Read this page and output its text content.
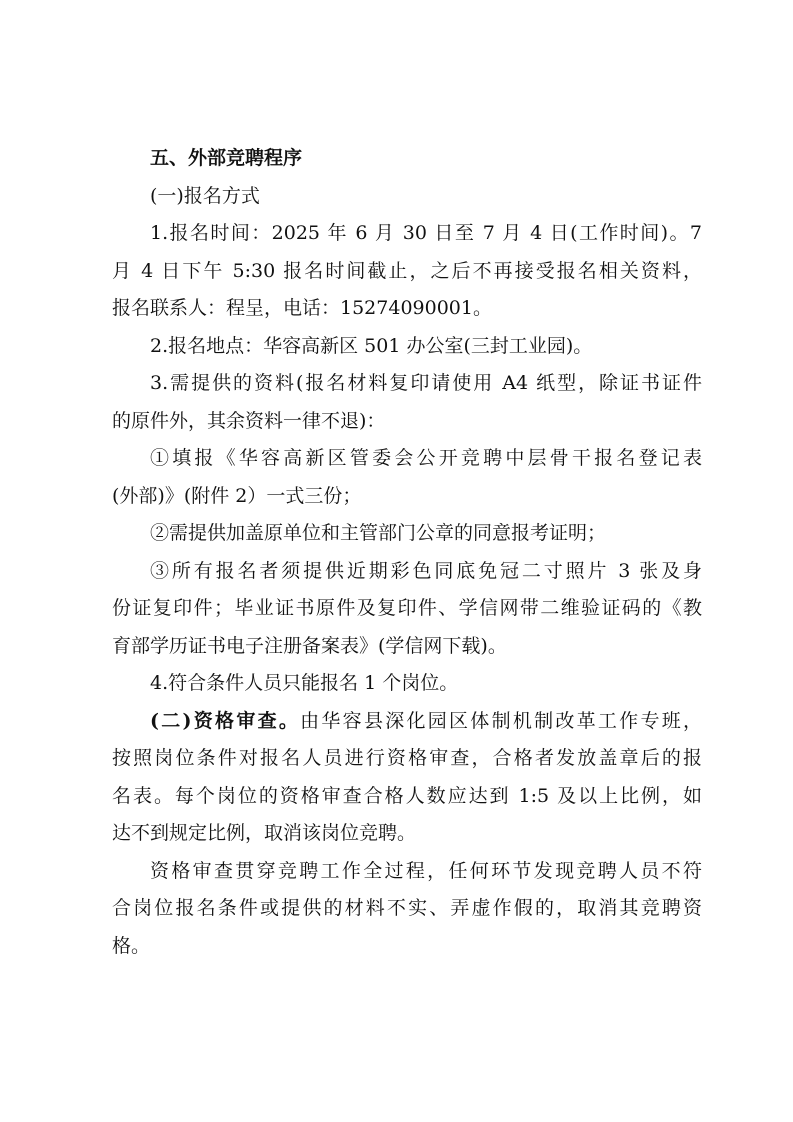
五、外部竞聘程序
(一)报名方式
1.报名时间：2025 年 6 月 30 日至 7 月 4 日(工作时间)。7
月 4 日下午 5:30 报名时间截止，之后不再接受报名相关资料，
报名联系人：程呈，电话：15274090001。
2.报名地点：华容高新区 501 办公室(三封工业园)。
3.需提供的资料(报名材料复印请使用 A4 纸型，除证书证件
的原件外，其余资料一律不退)：
①填报《华容高新区管委会公开竞聘中层骨干报名登记表
(外部)》(附件 2）一式三份；
②需提供加盖原单位和主管部门公章的同意报考证明；
③所有报名者须提供近期彩色同底免冠二寸照片 3 张及身
份证复印件；毕业证书原件及复印件、学信网带二维验证码的《教
育部学历证书电子注册备案表》(学信网下载)。
4.符合条件人员只能报名 1 个岗位。
(二)资格审查。由华容县深化园区体制机制改革工作专班，
按照岗位条件对报名人员进行资格审查，合格者发放盖章后的报
名表。每个岗位的资格审查合格人数应达到 1:5 及以上比例，如
达不到规定比例，取消该岗位竞聘。
资格审查贯穿竞聘工作全过程，任何环节发现竞聘人员不符
合岗位报名条件或提供的材料不实、弄虚作假的，取消其竞聘资
格。
